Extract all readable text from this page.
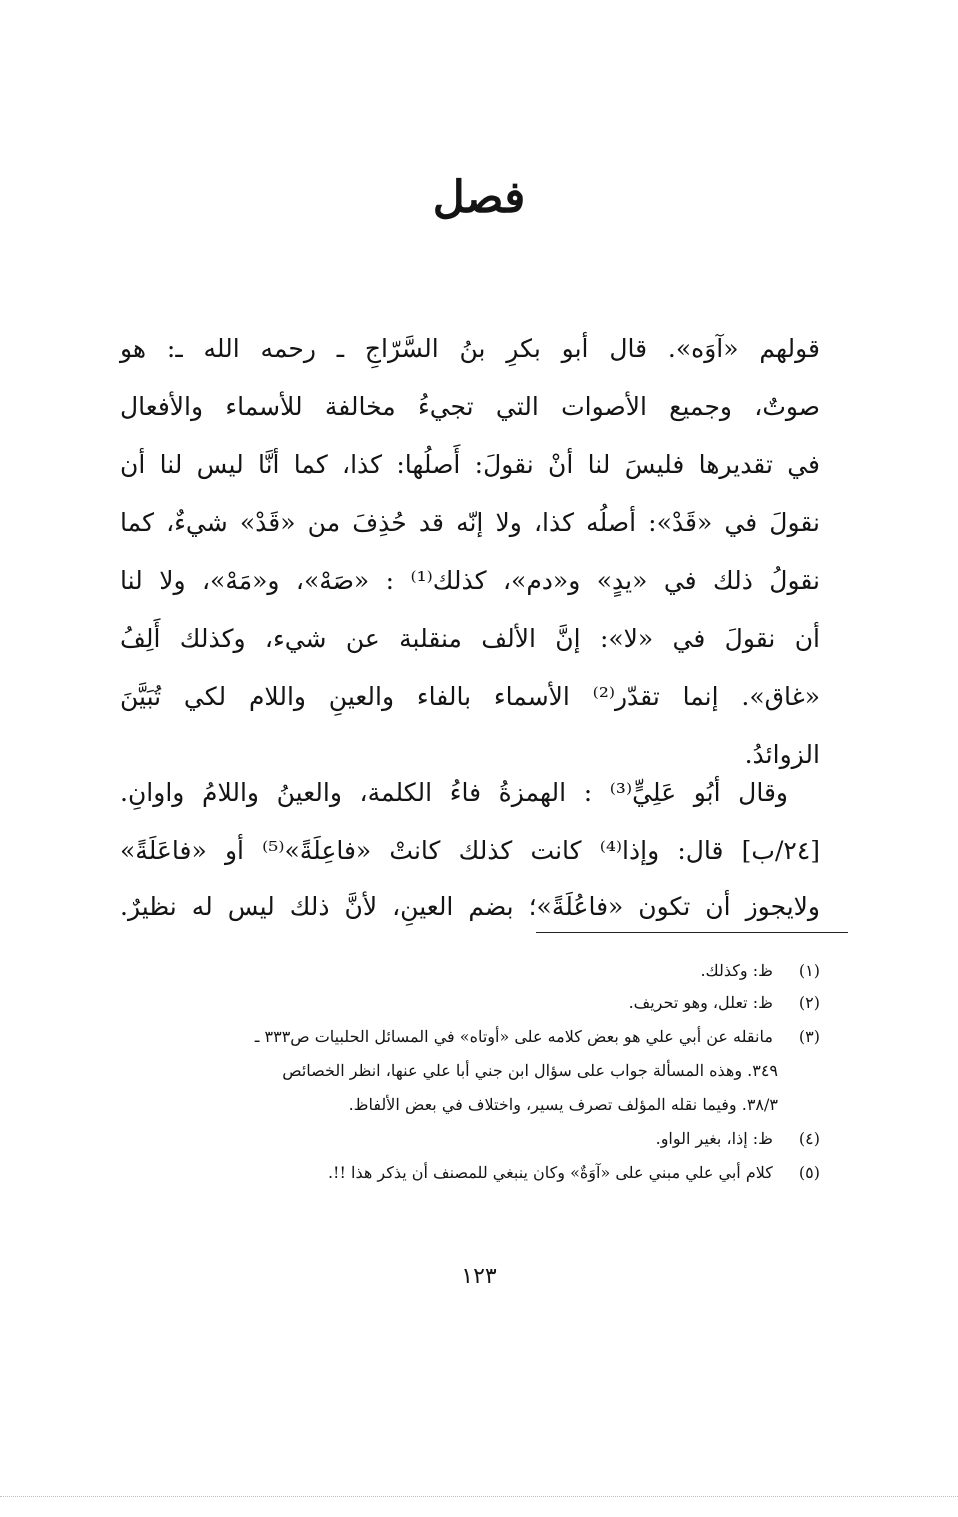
فصل
قولهم «آوَه». قال أبو بكرِ بنُ السَّرّاجِ ـ رحمه الله ـ: هو
صوتٌ، وجميع الأصوات التي تجيءُ مخالفة للأسماء والأفعال
في تقديرها فليسَ لنا أنْ نقولَ: أَصلُها: كذا، كما أنَّا ليس لنا أن
نقولَ في «قَدْ»: أصلُه كذا، ولا إنّه قد حُذِفَ من «قَدْ» شيءٌ، كما
نقولُ ذلك في «يدٍ» و«دم»، كذلك⁽¹⁾ : «صَهْ»، و«مَهْ»، ولا لنا
أن نقولَ في «لا»: إنَّ الألف منقلبة عن شيء، وكذلك أَلِفُ
«غاق». إنما تقدّر⁽²⁾ الأسماء بالفاء والعينِ واللام لكي تُبَيَّنَ
الزوائدُ.
وقال أبُو عَلِيٍّ⁽³⁾ : الهمزةُ فاءُ الكلمة، والعينُ واللامُ واوانِ.
[٢٤/ب] قال: وإذا⁽⁴⁾ كانت كذلك كانتْ «فاعِلَةً»⁽⁵⁾ أو «فاعَلَةً»
ولايجوز أن تكون «فاعُلَةً»؛ بضم العينِ، لأنَّ ذلك ليس له نظيرٌ.
(١) ظ: وكذلك.
(٢) ظ: تعلل، وهو تحريف.
(٣) مانقله عن أبي علي هو بعض كلامه على «أوتاه» في المسائل الحلبيات ص٣٣٣ ـ
٣٤٩. وهذه المسألة جواب على سؤال ابن جني أبا علي عنها، انظر الخصائص
٣٨/٣. وفيما نقله المؤلف تصرف يسير، واختلاف في بعض الألفاظ.
(٤) ظ: إذا، بغير الواو.
(٥) كلام أبي علي مبني على «آوَةٌ» وكان ينبغي للمصنف أن يذكر هذا !!.
١٢٣
